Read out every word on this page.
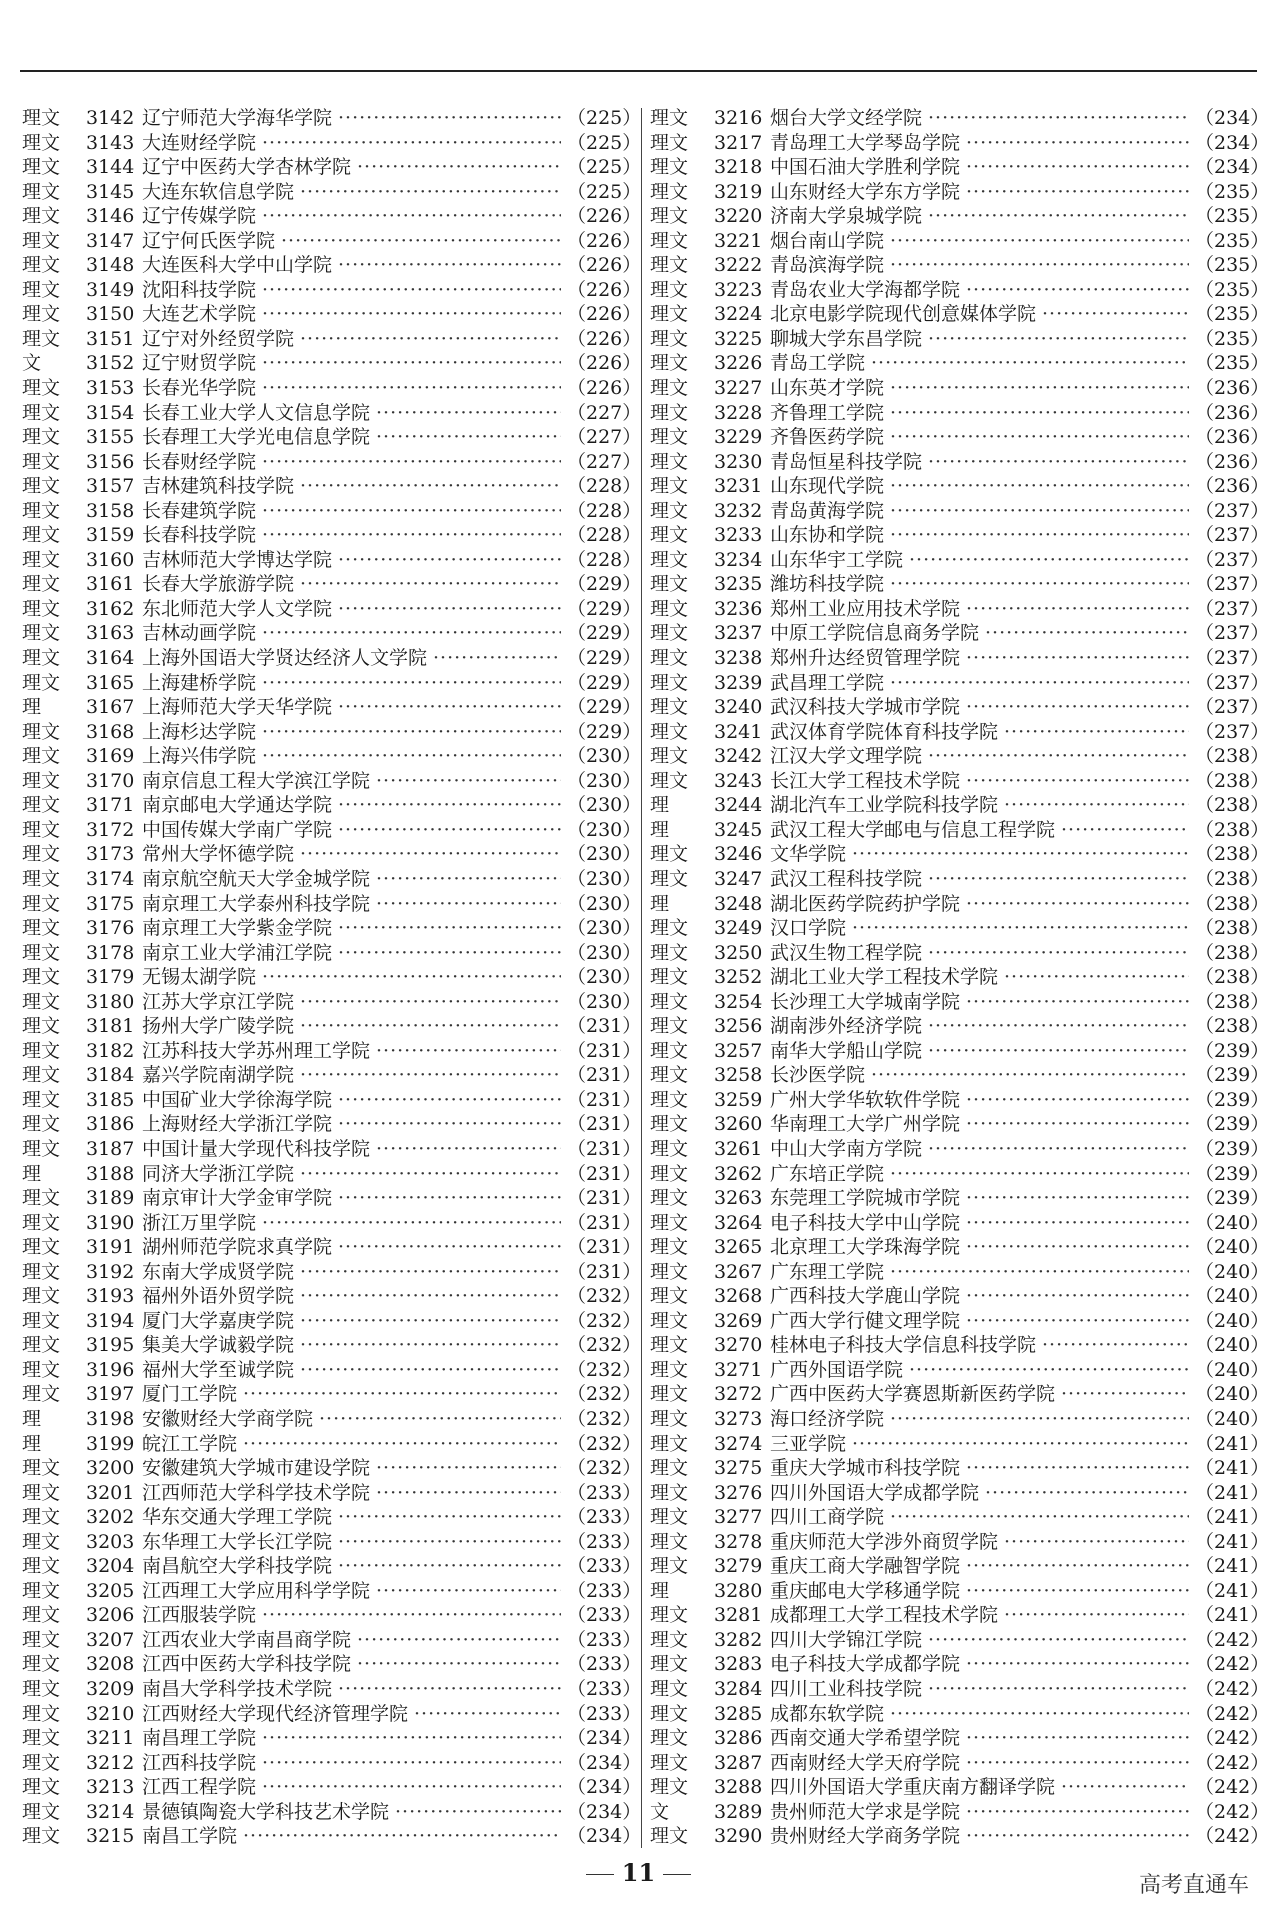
理文	3142 辽宁师范大学海华学院 ·····	（225）
理文	3143 大连财经学院 ·····	（225）
理文	3144 辽宁中医药大学杏林学院 ·····	（225）
理文	3145 大连东软信息学院 ·····	（225）
理文	3146 辽宁传媒学院 ·····	（226）
理文	3147 辽宁何氏医学院 ·····	（226）
理文	3148 大连医科大学中山学院 ·····	（226）
理文	3149 沈阳科技学院 ·····	（226）
理文	3150 大连艺术学院 ·····	（226）
理文	3151 辽宁对外经贸学院 ·····	（226）
文	3152 辽宁财贸学院 ·····	（226）
理文	3153 长春光华学院 ·····	（226）
理文	3154 长春工业大学人文信息学院 ·····	（227）
理文	3155 长春理工大学光电信息学院 ·····	（227）
理文	3156 长春财经学院 ·····	（227）
理文	3157 吉林建筑科技学院 ·····	（228）
理文	3158 长春建筑学院 ·····	（228）
理文	3159 长春科技学院 ·····	（228）
理文	3160 吉林师范大学博达学院 ·····	（228）
理文	3161 长春大学旅游学院 ·····	（229）
理文	3162 东北师范大学人文学院 ·····	（229）
理文	3163 吉林动画学院 ·····	（229）
理文	3164 上海外国语大学贤达经济人文学院 ·····	（229）
理文	3165 上海建桥学院 ·····	（229）
理	3167 上海师范大学天华学院 ·····	（229）
理文	3168 上海杉达学院 ·····	（229）
理文	3169 上海兴伟学院 ·····	（230）
理文	3170 南京信息工程大学滨江学院 ·····	（230）
理文	3171 南京邮电大学通达学院 ·····	（230）
理文	3172 中国传媒大学南广学院 ·····	（230）
理文	3173 常州大学怀德学院 ·····	（230）
理文	3174 南京航空航天大学金城学院 ·····	（230）
理文	3175 南京理工大学泰州科技学院 ·····	（230）
理文	3176 南京理工大学紫金学院 ·····	（230）
理文	3178 南京工业大学浦江学院 ·····	（230）
理文	3179 无锡太湖学院 ·····	（230）
理文	3180 江苏大学京江学院 ·····	（230）
理文	3181 扬州大学广陵学院 ·····	（231）
理文	3182 江苏科技大学苏州理工学院 ·····	（231）
理文	3184 嘉兴学院南湖学院 ·····	（231）
理文	3185 中国矿业大学徐海学院 ·····	（231）
理文	3186 上海财经大学浙江学院 ·····	（231）
理文	3187 中国计量大学现代科技学院 ·····	（231）
理	3188 同济大学浙江学院 ·····	（231）
理文	3189 南京审计大学金审学院 ·····	（231）
理文	3190 浙江万里学院 ·····	（231）
理文	3191 湖州师范学院求真学院 ·····	（231）
理文	3192 东南大学成贤学院 ·····	（231）
理文	3193 福州外语外贸学院 ·····	（232）
理文	3194 厦门大学嘉庚学院 ·····	（232）
理文	3195 集美大学诚毅学院 ·····	（232）
理文	3196 福州大学至诚学院 ·····	（232）
理文	3197 厦门工学院 ·····	（232）
理	3198 安徽财经大学商学院 ·····	（232）
理	3199 皖江工学院 ·····	（232）
理文	3200 安徽建筑大学城市建设学院 ·····	（232）
理文	3201 江西师范大学科学技术学院 ·····	（233）
理文	3202 华东交通大学理工学院 ·····	（233）
理文	3203 东华理工大学长江学院 ·····	（233）
理文	3204 南昌航空大学科技学院 ·····	（233）
理文	3205 江西理工大学应用科学学院 ·····	（233）
理文	3206 江西服装学院 ·····	（233）
理文	3207 江西农业大学南昌商学院 ·····	（233）
理文	3208 江西中医药大学科技学院 ·····	（233）
理文	3209 南昌大学科学技术学院 ·····	（233）
理文	3210 江西财经大学现代经济管理学院 ·····	（233）
理文	3211 南昌理工学院 ·····	（234）
理文	3212 江西科技学院 ·····	（234）
理文	3213 江西工程学院 ·····	（234）
理文	3214 景德镇陶瓷大学科技艺术学院 ·····	（234）
理文	3215 南昌工学院 ·····	（234）
理文	3216 烟台大学文经学院 ·····	（234）
理文	3217 青岛理工大学琴岛学院 ·····	（234）
理文	3218 中国石油大学胜利学院 ·····	（234）
理文	3219 山东财经大学东方学院 ·····	（235）
理文	3220 济南大学泉城学院 ·····	（235）
理文	3221 烟台南山学院 ·····	（235）
理文	3222 青岛滨海学院 ·····	（235）
理文	3223 青岛农业大学海都学院 ·····	（235）
理文	3224 北京电影学院现代创意媒体学院 ·····	（235）
理文	3225 聊城大学东昌学院 ·····	（235）
理文	3226 青岛工学院 ·····	（235）
理文	3227 山东英才学院 ·····	（236）
理文	3228 齐鲁理工学院 ·····	（236）
理文	3229 齐鲁医药学院 ·····	（236）
理文	3230 青岛恒星科技学院 ·····	（236）
理文	3231 山东现代学院 ·····	（236）
理文	3232 青岛黄海学院 ·····	（237）
理文	3233 山东协和学院 ·····	（237）
理文	3234 山东华宇工学院 ·····	（237）
理文	3235 潍坊科技学院 ·····	（237）
理文	3236 郑州工业应用技术学院 ·····	（237）
理文	3237 中原工学院信息商务学院 ·····	（237）
理文	3238 郑州升达经贸管理学院 ·····	（237）
理文	3239 武昌理工学院 ·····	（237）
理文	3240 武汉科技大学城市学院 ·····	（237）
理文	3241 武汉体育学院体育科技学院 ·····	（237）
理文	3242 江汉大学文理学院 ·····	（238）
理文	3243 长江大学工程技术学院 ·····	（238）
理	3244 湖北汽车工业学院科技学院 ·····	（238）
理	3245 武汉工程大学邮电与信息工程学院 ·····	（238）
理文	3246 文华学院 ·····	（238）
理文	3247 武汉工程科技学院 ·····	（238）
理	3248 湖北医药学院药护学院 ·····	（238）
理文	3249 汉口学院 ·····	（238）
理文	3250 武汉生物工程学院 ·····	（238）
理文	3252 湖北工业大学工程技术学院 ·····	（238）
理文	3254 长沙理工大学城南学院 ·····	（238）
理文	3256 湖南涉外经济学院 ·····	（238）
理文	3257 南华大学船山学院 ·····	（239）
理文	3258 长沙医学院 ·····	（239）
理文	3259 广州大学华软软件学院 ·····	（239）
理文	3260 华南理工大学广州学院 ·····	（239）
理文	3261 中山大学南方学院 ·····	（239）
理文	3262 广东培正学院 ·····	（239）
理文	3263 东莞理工学院城市学院 ·····	（239）
理文	3264 电子科技大学中山学院 ·····	（240）
理文	3265 北京理工大学珠海学院 ·····	（240）
理文	3267 广东理工学院 ·····	（240）
理文	3268 广西科技大学鹿山学院 ·····	（240）
理文	3269 广西大学行健文理学院 ·····	（240）
理文	3270 桂林电子科技大学信息科技学院 ·····	（240）
理文	3271 广西外国语学院 ·····	（240）
理文	3272 广西中医药大学赛恩斯新医药学院 ·····	（240）
理文	3273 海口经济学院 ·····	（240）
理文	3274 三亚学院 ·····	（241）
理文	3275 重庆大学城市科技学院 ·····	（241）
理文	3276 四川外国语大学成都学院 ·····	（241）
理文	3277 四川工商学院 ·····	（241）
理文	3278 重庆师范大学涉外商贸学院 ·····	（241）
理文	3279 重庆工商大学融智学院 ·····	（241）
理	3280 重庆邮电大学移通学院 ·····	（241）
理文	3281 成都理工大学工程技术学院 ·····	（241）
理文	3282 四川大学锦江学院 ·····	（242）
理文	3283 电子科技大学成都学院 ·····	（242）
理文	3284 四川工业科技学院 ·····	（242）
理文	3285 成都东软学院 ·····	（242）
理文	3286 西南交通大学希望学院 ·····	（242）
理文	3287 西南财经大学天府学院 ·····	（242）
理文	3288 四川外国语大学重庆南方翻译学院 ·····	（242）
文	3289 贵州师范大学求是学院 ·····	（242）
理文	3290 贵州财经大学商务学院 ·····	（242）
11	高考直通车
